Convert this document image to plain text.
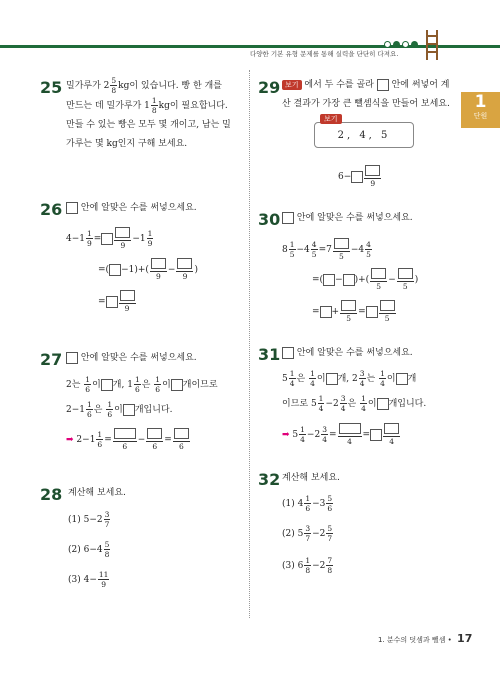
다양한 기본 유형 문제를 통해 실력을 단단히 다져요.
1
단원
25 밀가루가 $2 \frac{5}{8}$ kg이 있습니다. 빵 한 개를
만드는 데 밀가루가 $1 \frac{1}{8}$ kg이 필요합니다.
만들 수 있는 빵은 모두 몇 개이고, 남는 밀
가루는 몇 kg인지 구해 보세요.
26	안에 알맞은 수를 써넣으세요.
$4-1 \frac{1}{9}$ =
9
$-1 \frac{1}{9}$
=( −1)+(
9
−
9
)
=
9
27	안에 알맞은 수를 써넣으세요.
2는 $\frac{1}{6}$ 이 개, $1 \frac{1}{6}$ 은 $\frac{1}{6}$ 이 개이므로
$2-1 \frac{1}{6}$ 은 $\frac{1}{6}$ 이 개입니다.
➡ $2-1 \frac{1}{6}$ =
6
−
6
=
6
28 계산해 보세요.
(1) $5-2 \frac{3}{7}$
(2) $6-4 \frac{5}{8}$
(3) $4- \frac{11}{9}$
29 보기 에서 두 수를 골라 안에 써넣어 계
산 결과가 가장 큰 뺄셈식을 만들어 보세요.
2, 4, 5
보기
6−
9
30	안에 알맞은 수를 써넣으세요.
$8 \frac{1}{5} -4 \frac{4}{5} =7$
5
$-4 \frac{4}{5}$
=( − )+(
5
−
5
)
= +
5
=
5
31	안에 알맞은 수를 써넣으세요.
$5 \frac{1}{4}$ 은 $\frac{1}{4}$ 이 개, $2 \frac{3}{4}$ 는 $\frac{1}{4}$ 이 개
이므로 $5 \frac{1}{4} -2 \frac{3}{4}$ 은 $\frac{1}{4}$ 이 개입니다.
➡ $5 \frac{1}{4} -2 \frac{3}{4}$ =
4
=
4
32 계산해 보세요.
(1) $4 \frac{1}{6} -3 \frac{5}{6}$
(2) $5 \frac{3}{7} -2 \frac{5}{7}$
(3) $6 \frac{1}{8} -2 \frac{7}{8}$
1. 분수의 덧셈과 뺄셈 • 17
